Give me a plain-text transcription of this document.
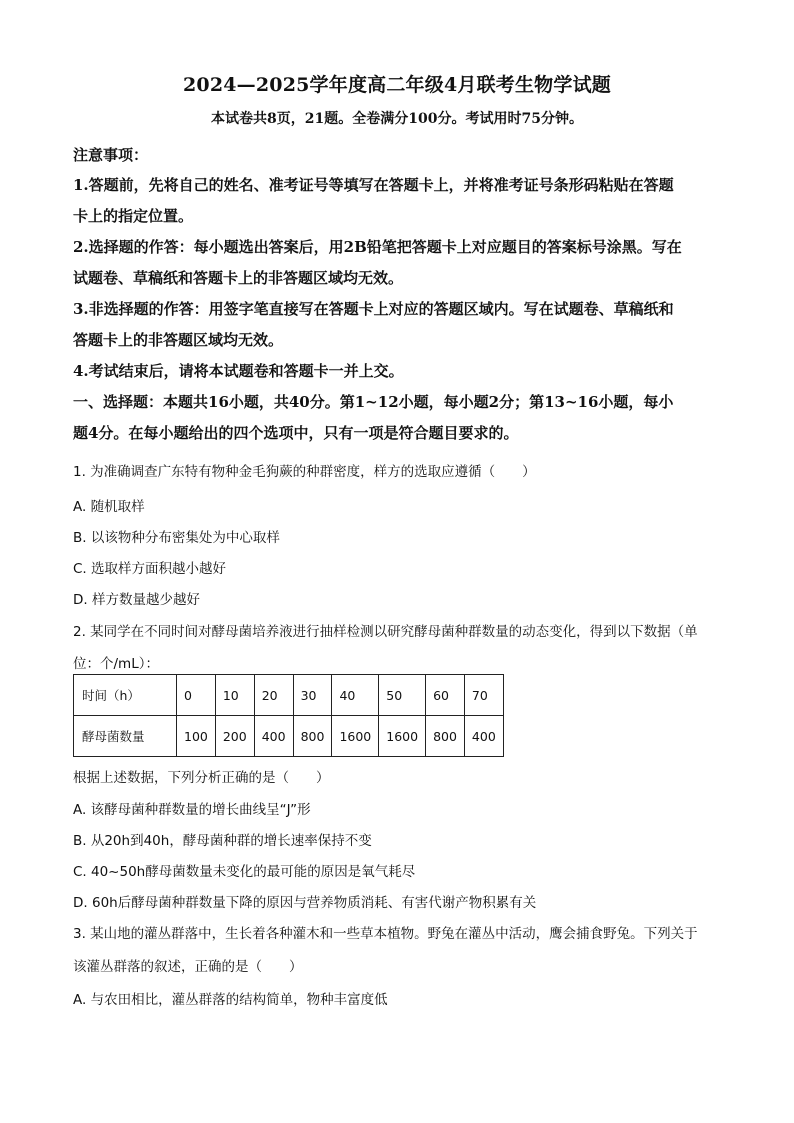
2024—2025学年度高二年级4月联考生物学试题
本试卷共8页，21题。全卷满分100分。考试用时75分钟。
注意事项：
1.答题前，先将自己的姓名、准考证号等填写在答题卡上，并将准考证号条形码粘贴在答题
卡上的指定位置。
2.选择题的作答：每小题选出答案后，用2B铅笔把答题卡上对应题目的答案标号涂黑。写在
试题卷、草稿纸和答题卡上的非答题区域均无效。
3.非选择题的作答：用签字笔直接写在答题卡上对应的答题区域内。写在试题卷、草稿纸和
答题卡上的非答题区域均无效。
4.考试结束后，请将本试题卷和答题卡一并上交。
一、选择题：本题共16小题，共40分。第1~12小题，每小题2分；第13~16小题，每小
题4分。在每小题给出的四个选项中，只有一项是符合题目要求的。
1. 为准确调查广东特有物种金毛狗蕨的种群密度，样方的选取应遵循（　　）
A. 随机取样
B. 以该物种分布密集处为中心取样
C. 选取样方面积越小越好
D. 样方数量越少越好
2. 某同学在不同时间对酵母菌培养液进行抽样检测以研究酵母菌种群数量的动态变化，得到以下数据（单
位：个/mL）：
时间（h）	0	10	20	30	40	50	60	70
酵母菌数量	100	200	400	800	1600	1600	800	400
根据上述数据，下列分析正确的是（　　）
A. 该酵母菌种群数量的增长曲线呈“J”形
B. 从20h到40h，酵母菌种群的增长速率保持不变
C. 40~50h酵母菌数量未变化的最可能的原因是氧气耗尽
D. 60h后酵母菌种群数量下降的原因与营养物质消耗、有害代谢产物积累有关
3. 某山地的灌丛群落中，生长着各种灌木和一些草本植物。野兔在灌丛中活动，鹰会捕食野兔。下列关于
该灌丛群落的叙述，正确的是（　　）
A. 与农田相比，灌丛群落的结构简单，物种丰富度低
